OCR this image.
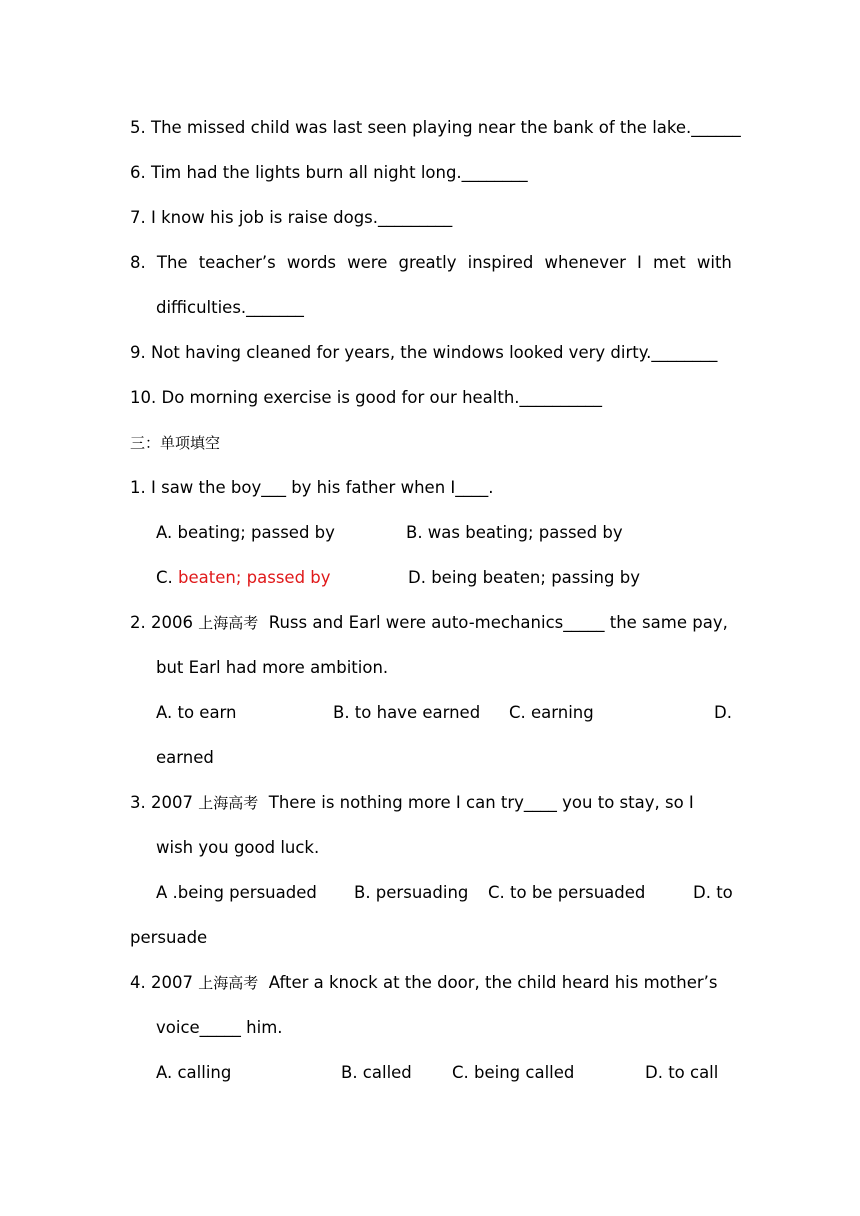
5. The missed child was last seen playing near the bank of the lake.______
6. Tim had the lights burn all night long.________
7. I know his job is raise dogs._________
8. The teacher’s words were greatly inspired whenever I met with
difficulties._______
9. Not having cleaned for years, the windows looked very dirty.________
10. Do morning exercise is good for our health.__________
三：单项填空
1. I saw the boy___ by his father when I____.
A. beating; passed by	B. was beating; passed by
C. beaten; passed by	D. being beaten; passing by
2. 2006 上海高考 Russ and Earl were auto-mechanics_____ the same pay,
but Earl had more ambition.
A. to earn	B. to have earned C. earning	D.
earned
3. 2007 上海高考 There is nothing more I can try____ you to stay, so I
wish you good luck.
A .being persuaded B. persuading C. to be persuaded	D. to
persuade
4. 2007 上海高考 After a knock at the door, the child heard his mother’s
voice_____ him.
A. calling	B. called C. being called	D. to call
